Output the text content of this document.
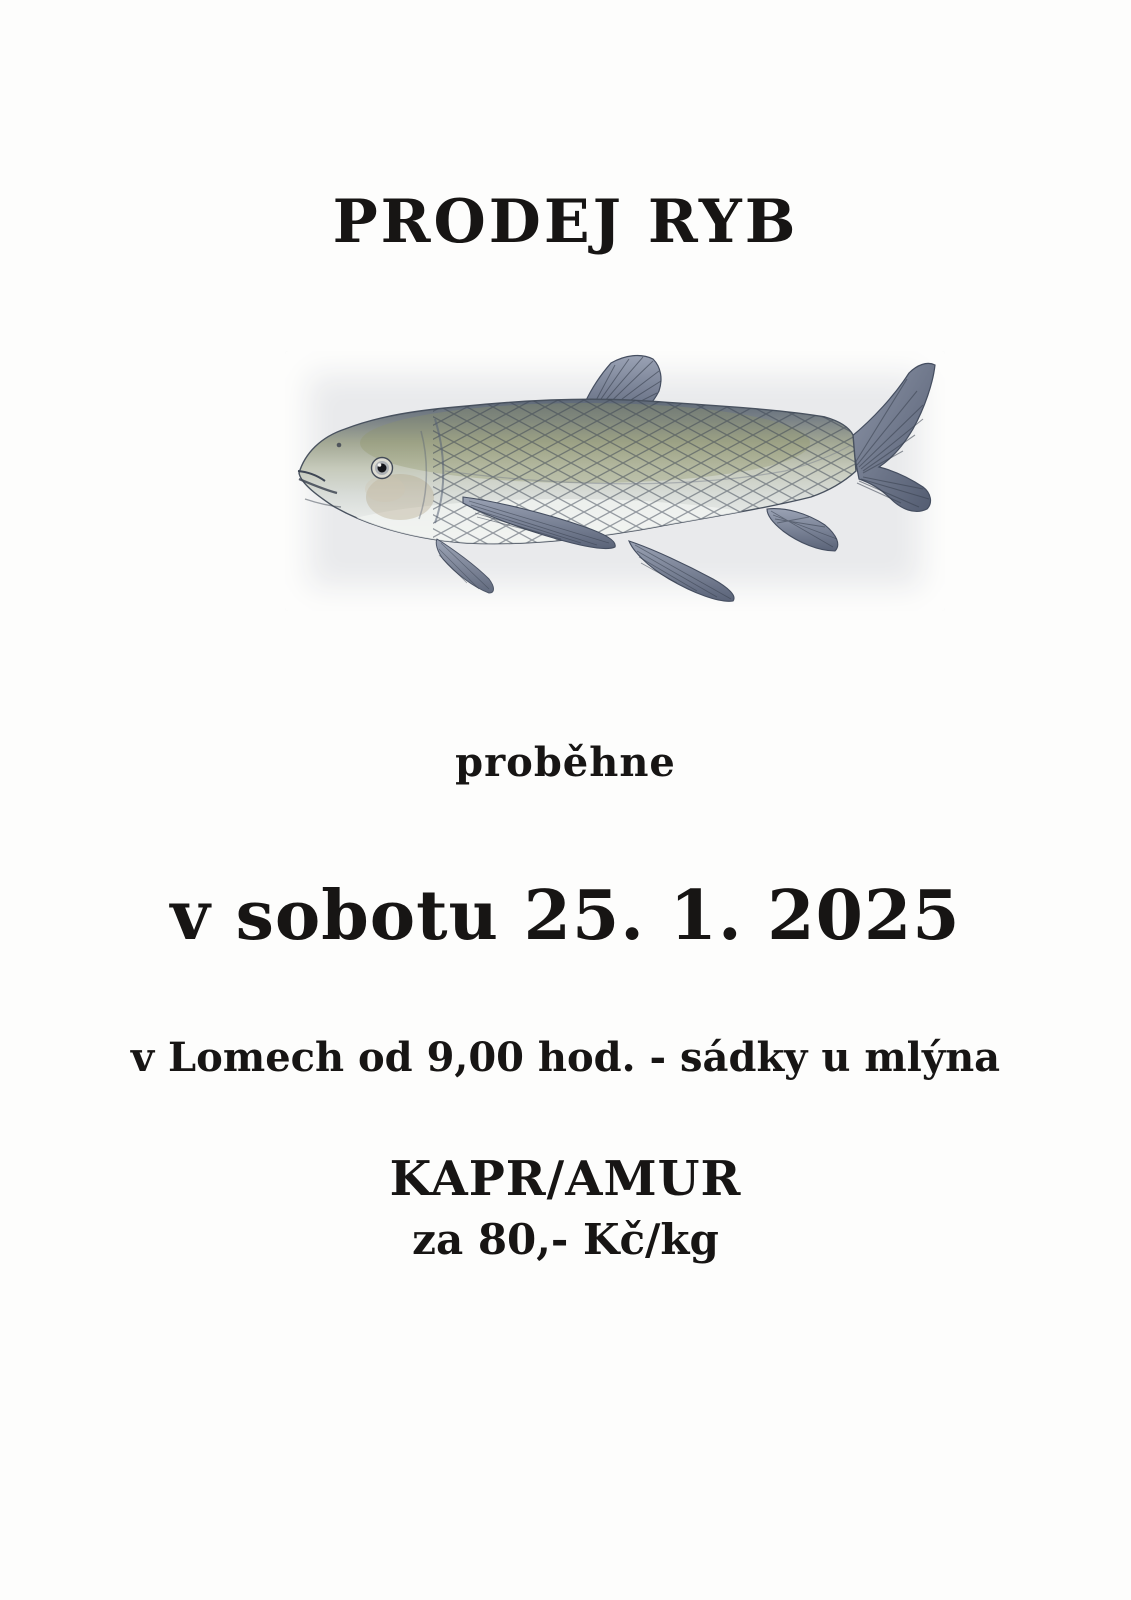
PRODEJ RYB

proběhne

v sobotu 25. 1. 2025

v Lomech od 9,00 hod. - sádky u mlýna

KAPR/AMUR

za 80,- Kč/kg
